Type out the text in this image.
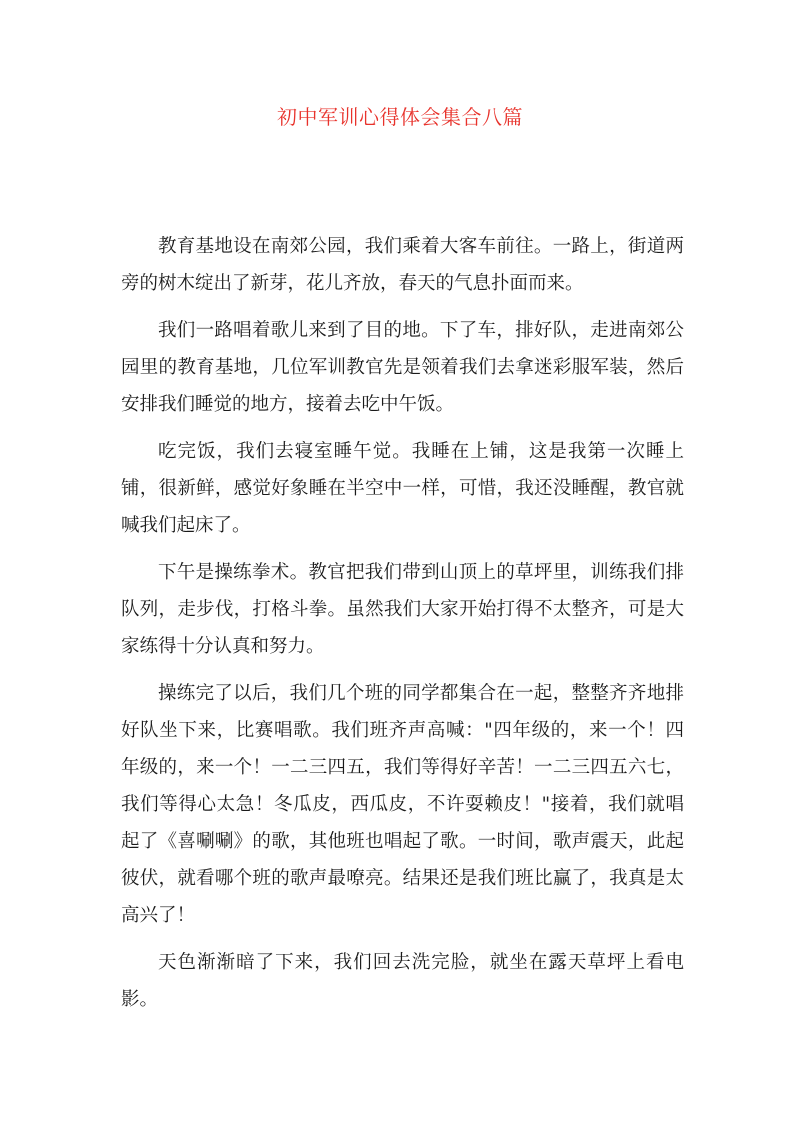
初中军训心得体会集合八篇

教育基地设在南郊公园，我们乘着大客车前往。一路上，街道两旁的树木绽出了新芽，花儿齐放，春天的气息扑面而来。

我们一路唱着歌儿来到了目的地。下了车，排好队，走进南郊公园里的教育基地，几位军训教官先是领着我们去拿迷彩服军装，然后安排我们睡觉的地方，接着去吃中午饭。

吃完饭，我们去寝室睡午觉。我睡在上铺，这是我第一次睡上铺，很新鲜，感觉好象睡在半空中一样，可惜，我还没睡醒，教官就喊我们起床了。

下午是操练拳术。教官把我们带到山顶上的草坪里，训练我们排队列，走步伐，打格斗拳。虽然我们大家开始打得不太整齐，可是大家练得十分认真和努力。

操练完了以后，我们几个班的同学都集合在一起，整整齐齐地排好队坐下来，比赛唱歌。我们班齐声高喊："四年级的，来一个！四年级的，来一个！一二三四五，我们等得好辛苦！一二三四五六七，我们等得心太急！冬瓜皮，西瓜皮，不许耍赖皮！"接着，我们就唱起了《喜唰唰》的歌，其他班也唱起了歌。一时间，歌声震天，此起彼伏，就看哪个班的歌声最嘹亮。结果还是我们班比赢了，我真是太高兴了！

天色渐渐暗了下来，我们回去洗完脸，就坐在露天草坪上看电影。
